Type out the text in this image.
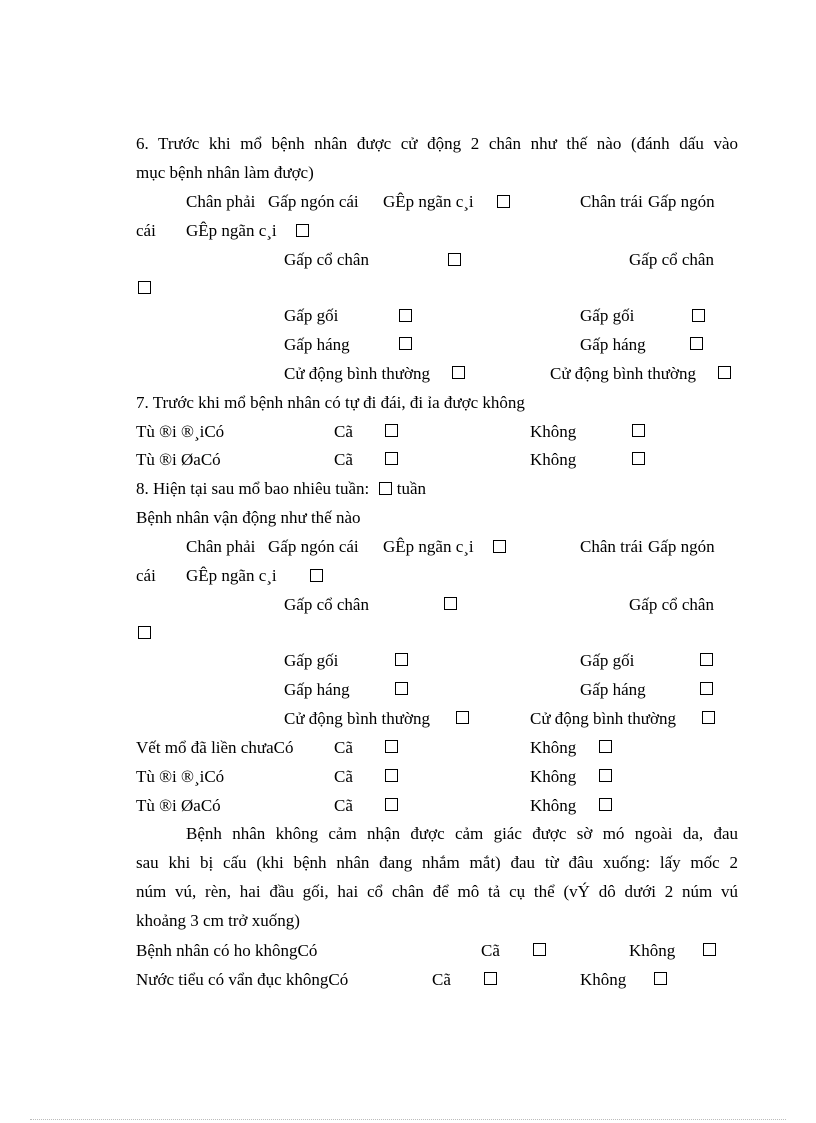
6. Trước khi mổ bệnh nhân được cử động 2 chân như thế nào (đánh dấu vào
mục bệnh nhân làm được)
Chân phải Gấp ngón cái GÊp ngãn c¸i	Chân trái Gấp ngón
cái GÊp ngãn c¸i
Gấp cổ chân	Gấp cổ chân
Gấp gối	Gấp gối
Gấp háng	Gấp háng
Cử động bình thường	Cử động bình thường
7. Trước khi mổ bệnh nhân có tự đi đái, đi ỉa được không
Tù ®i ®¸iCó	Cã	Không
Tù ®i ØaCó	Cã	Không
8. Hiện tại sau mổ bao nhiêu tuần: tuần
Bệnh nhân vận động như thế nào
Chân phải Gấp ngón cái GÊp ngãn c¸i	Chân trái Gấp ngón
cái GÊp ngãn c¸i
Gấp cổ chân	Gấp cổ chân
Gấp gối	Gấp gối
Gấp háng	Gấp háng
Cử động bình thường	Cử động bình thường
Vết mổ đã liền chưaCó Cã	Không
Tù ®i ®¸iCó	Cã	Không
Tù ®i ØaCó	Cã	Không
Bệnh nhân không cảm nhận được cảm giác được sờ mó ngoài da, đau
sau khi bị cấu (khi bệnh nhân đang nhắm mắt) đau từ đâu xuống: lấy mốc 2
núm vú, rèn, hai đầu gối, hai cổ chân để mô tả cụ thể (vÝ dô dưới 2 núm vú
khoảng 3 cm trở xuống)
Bệnh nhân có ho khôngCó	Cã	Không
Nước tiểu có vẩn đục khôngCó	Cã	Không
